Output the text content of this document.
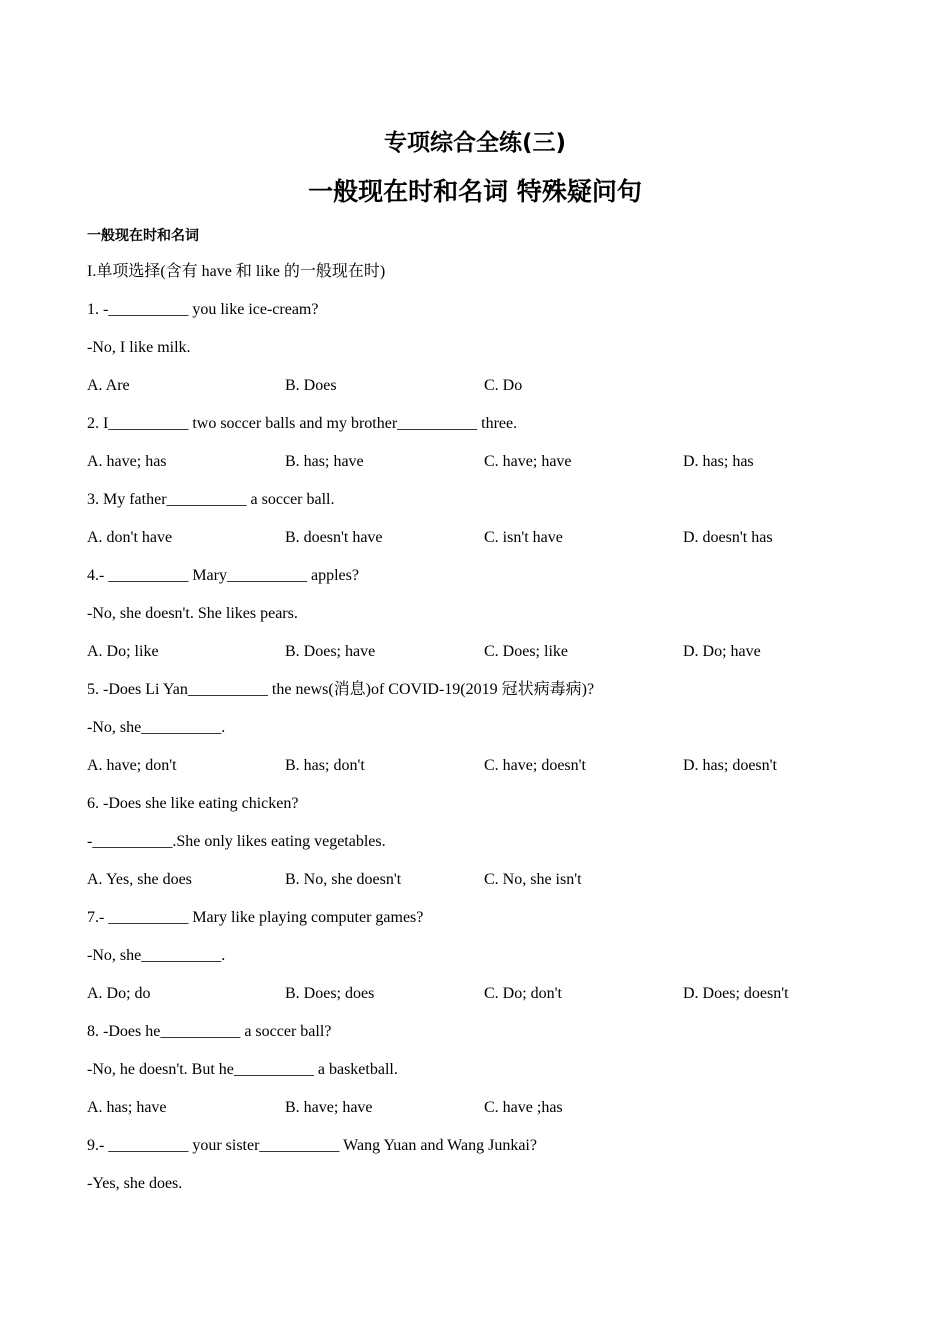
专项综合全练(三)
一般现在时和名词 特殊疑问句
一般现在时和名词
I.单项选择(含有 have 和 like 的一般现在时)
1. -__________ you like ice-cream?
-No, I like milk.
A. Are	B. Does	C. Do
2. I__________ two soccer balls and my brother__________ three.
A. have; has	B. has; have	C. have; have	D. has; has
3. My father__________ a soccer ball.
A. don't have	B. doesn't have	C. isn't have	D. doesn't has
4.- __________ Mary__________ apples?
-No, she doesn't. She likes pears.
A. Do; like	B. Does; have	C. Does; like	D. Do; have
5. -Does Li Yan__________ the news(消息)of COVID-19(2019 冠状病毒病)?
-No, she__________.
A. have; don't	B. has; don't	C. have; doesn't	D. has; doesn't
6. -Does she like eating chicken?
-__________.She only likes eating vegetables.
A. Yes, she does	B. No, she doesn't	C. No, she isn't
7.- __________ Mary like playing computer games?
-No, she__________.
A. Do; do	B. Does; does	C. Do; don't	D. Does; doesn't
8. -Does he__________ a soccer ball?
-No, he doesn't. But he__________ a basketball.
A. has; have	B. have; have	C. have ;has
9.- __________ your sister__________ Wang Yuan and Wang Junkai?
-Yes, she does.
